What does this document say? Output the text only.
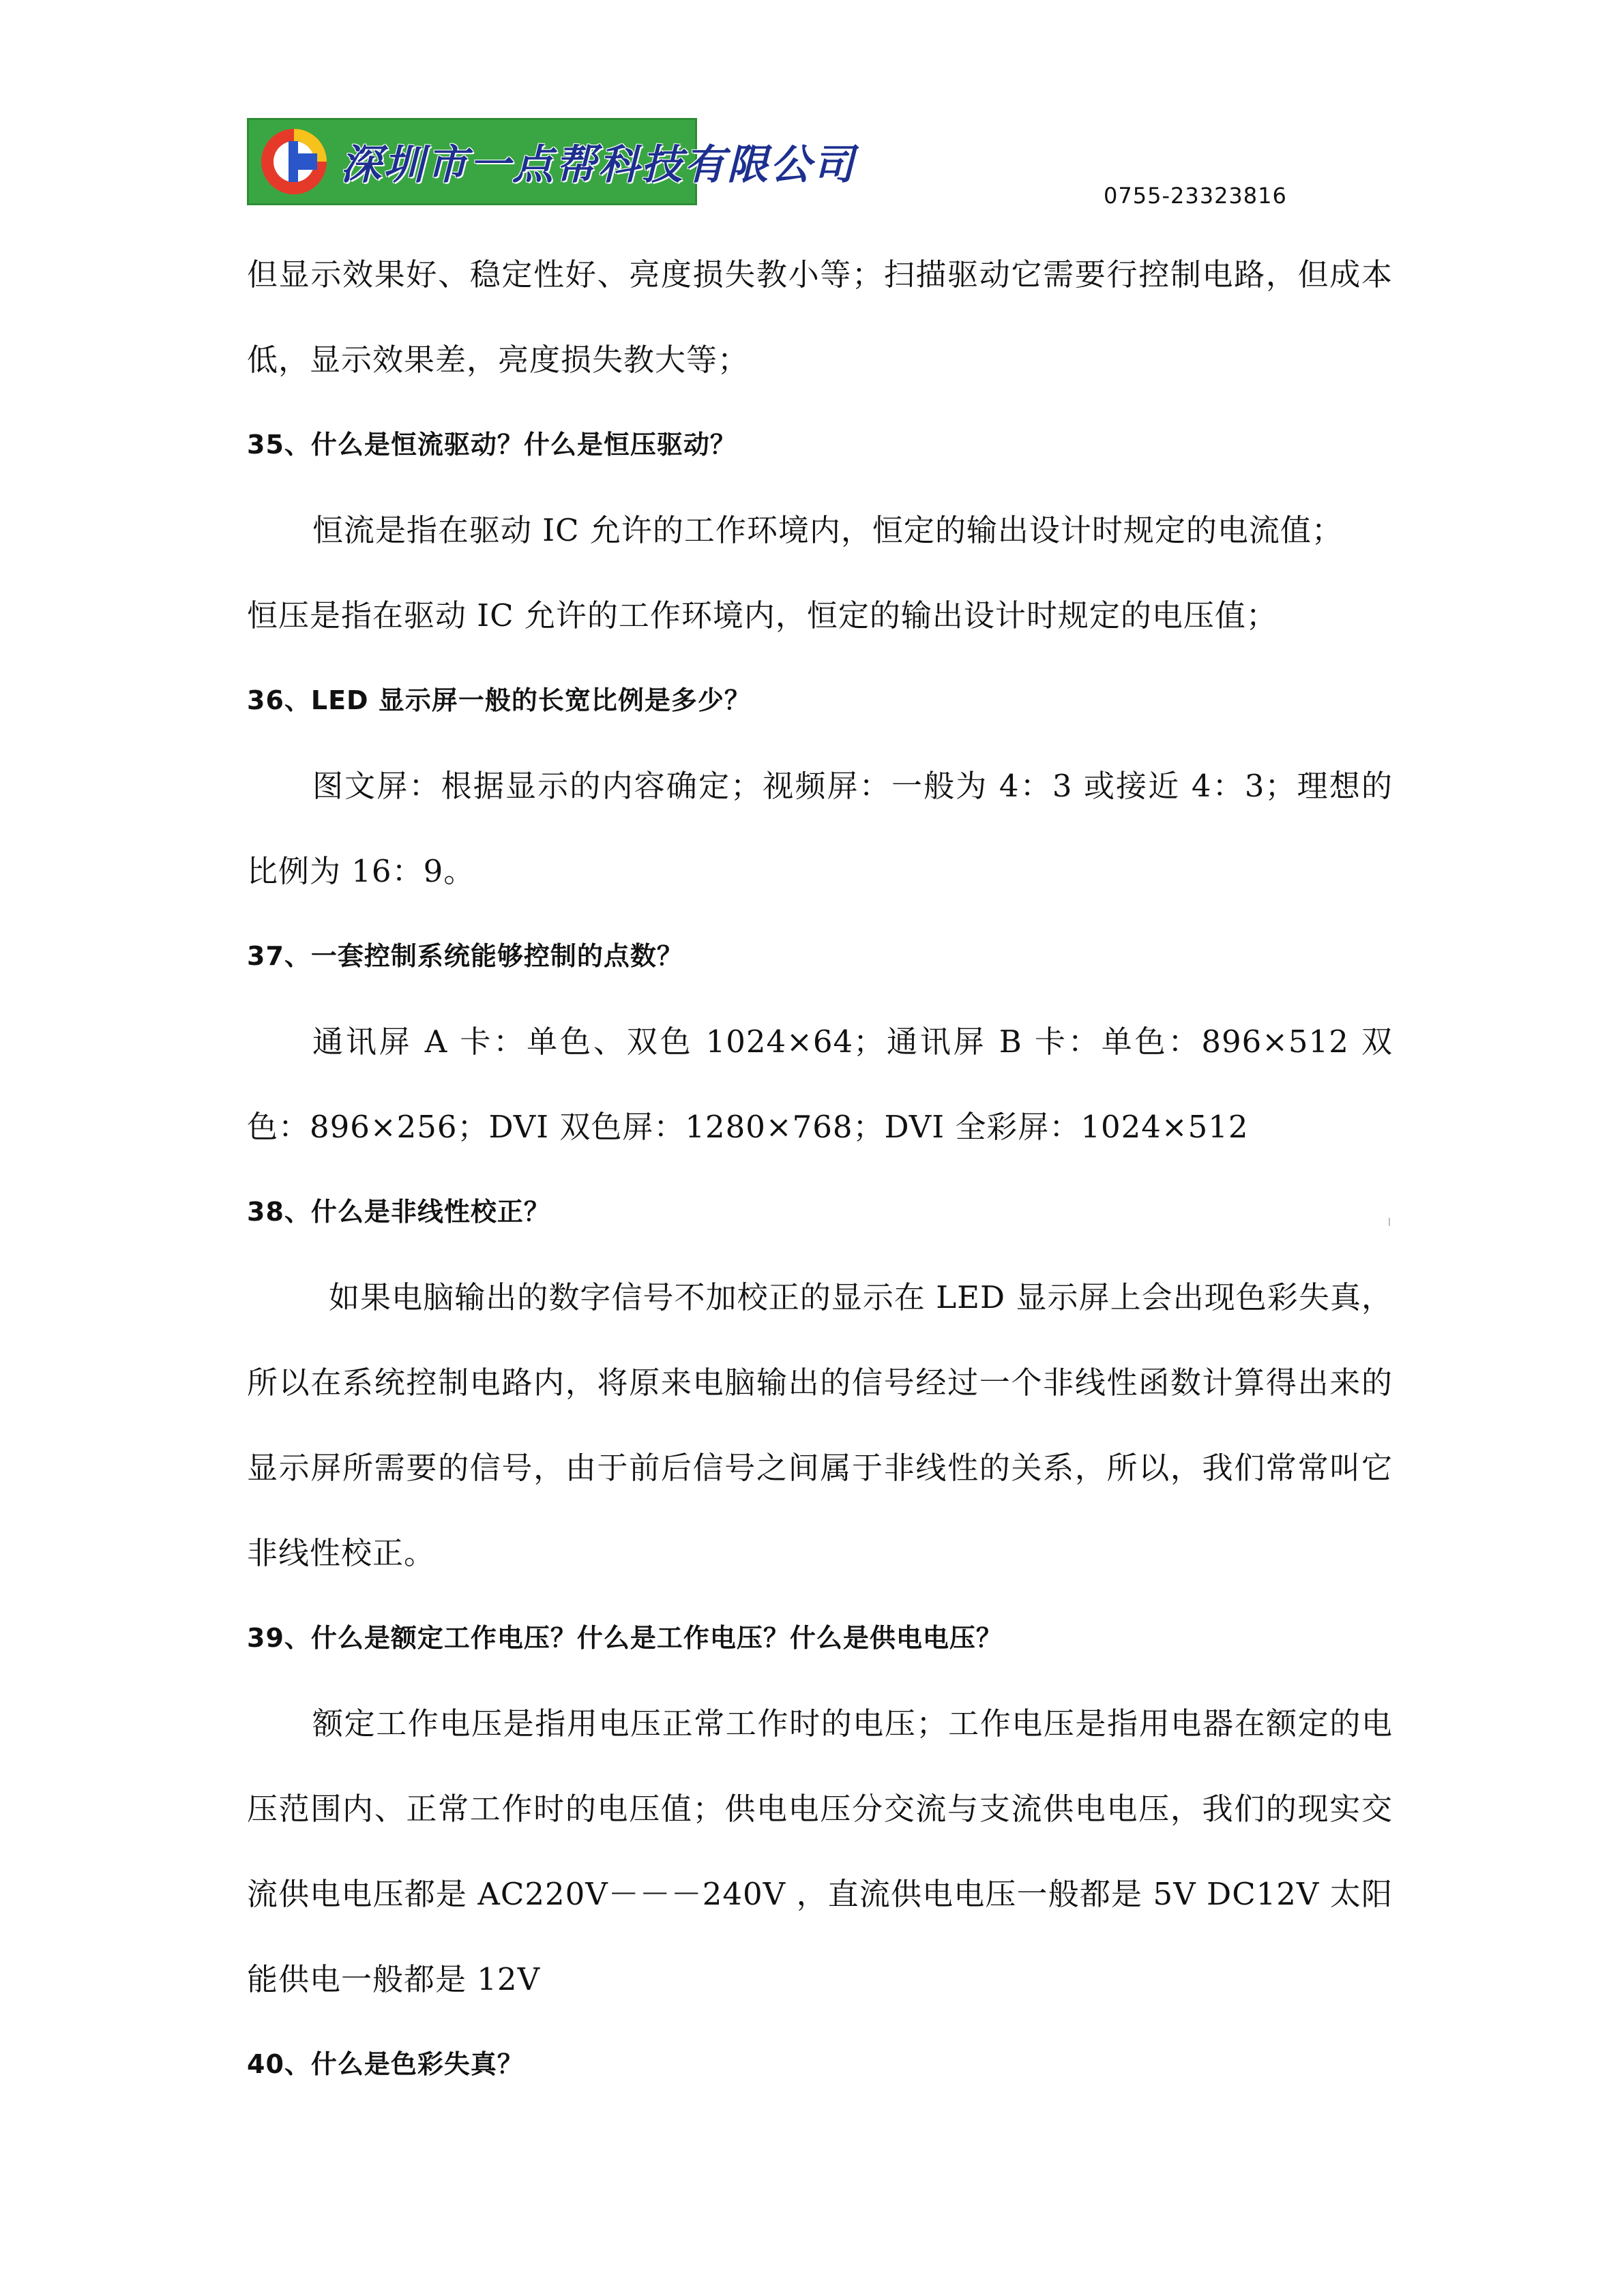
深圳市一点帮科技有限公司
0755-23323816

但显示效果好、稳定性好、亮度损失教小等；扫描驱动它需要行控制电路，但成本低，显示效果差，亮度损失教大等；

35、什么是恒流驱动？什么是恒压驱动？

恒流是指在驱动 IC 允许的工作环境内，恒定的输出设计时规定的电流值；

恒压是指在驱动 IC 允许的工作环境内，恒定的输出设计时规定的电压值；

36、LED 显示屏一般的长宽比例是多少？

图文屏：根据显示的内容确定；视频屏：一般为 4：3 或接近 4：3；理想的比例为 16：9。

37、一套控制系统能够控制的点数？

通讯屏 A 卡：单色、双色 1024×64；通讯屏 B 卡：单色：896×512 双色：896×256；DVI 双色屏：1280×768；DVI 全彩屏：1024×512

38、什么是非线性校正？

如果电脑输出的数字信号不加校正的显示在 LED 显示屏上会出现色彩失真，所以在系统控制电路内，将原来电脑输出的信号经过一个非线性函数计算得出来的显示屏所需要的信号，由于前后信号之间属于非线性的关系，所以，我们常常叫它非线性校正。

39、什么是额定工作电压？什么是工作电压？什么是供电电压？

额定工作电压是指用电压正常工作时的电压；工作电压是指用电器在额定的电压范围内、正常工作时的电压值；供电电压分交流与支流供电电压，我们的现实交流供电电压都是 AC220V－－－240V ，直流供电电压一般都是 5V DC12V 太阳能供电一般都是 12V

40、什么是色彩失真？
